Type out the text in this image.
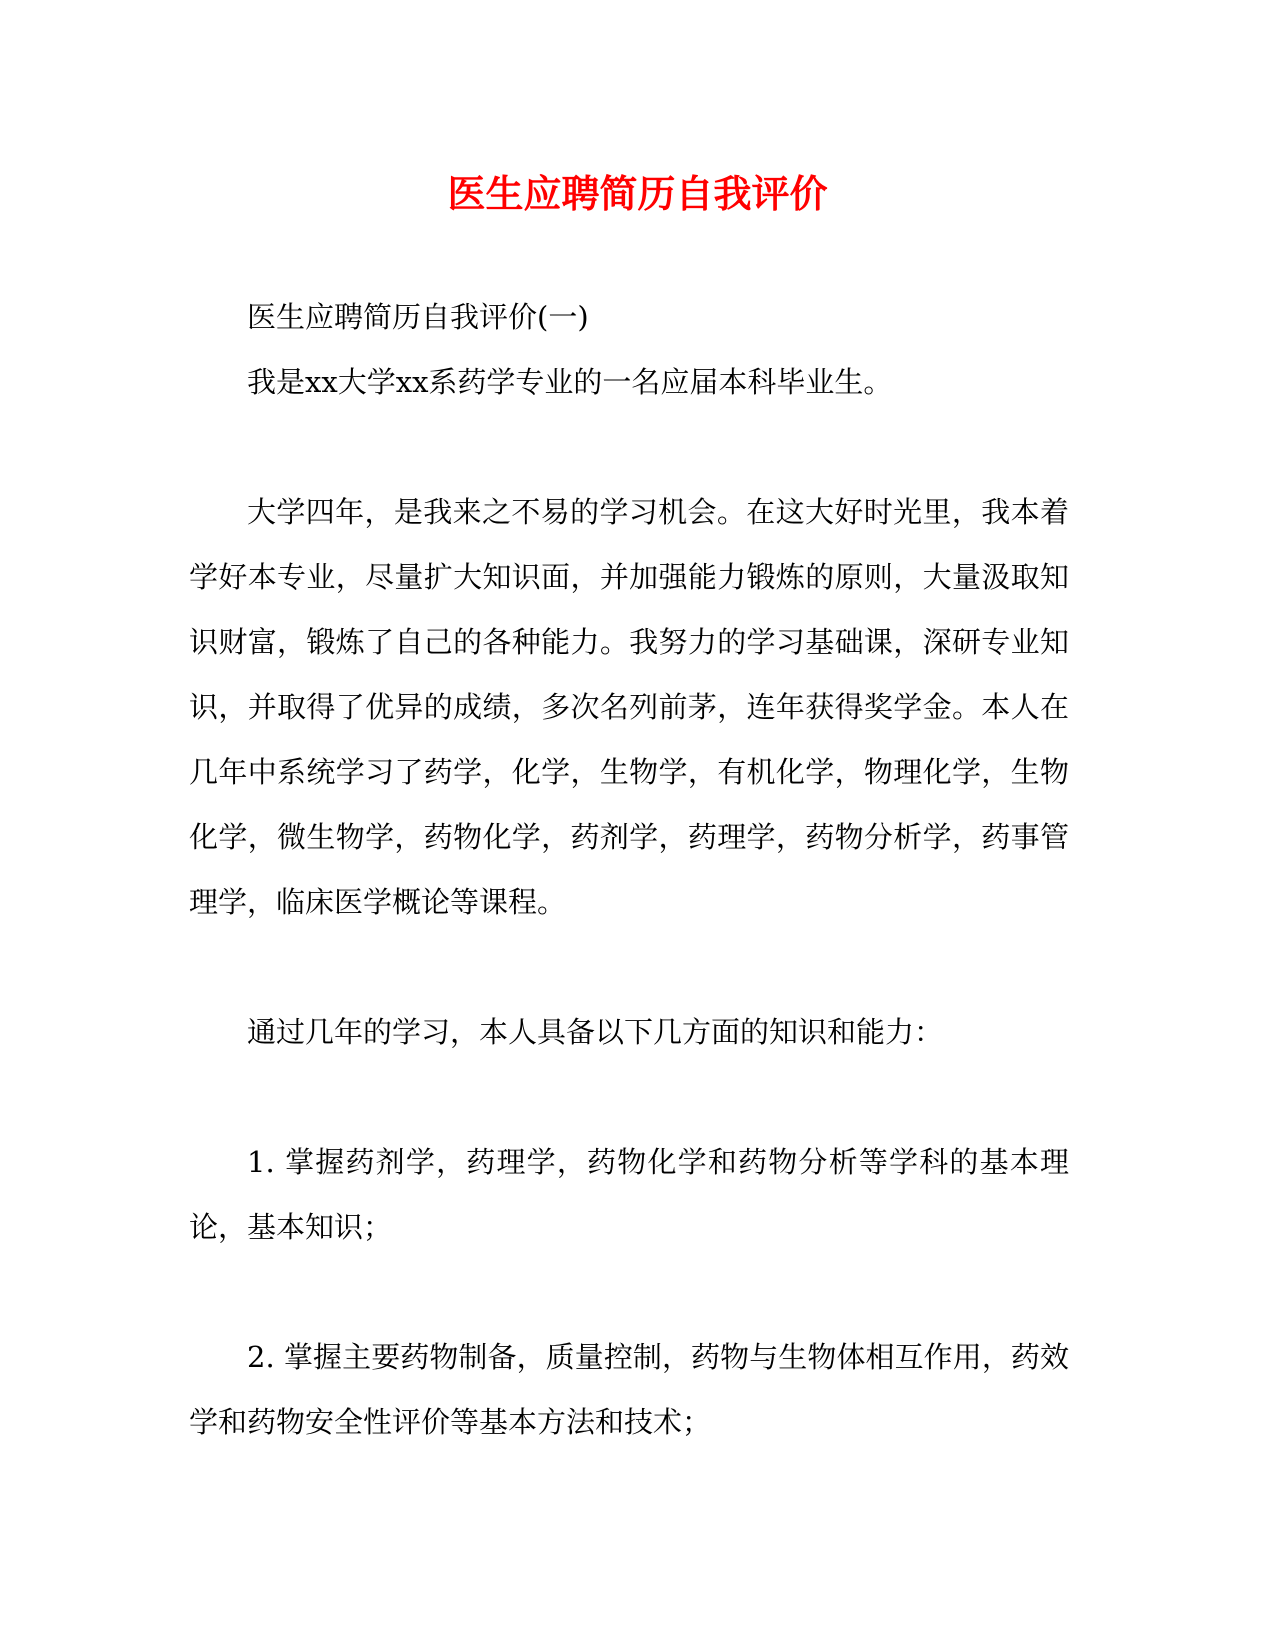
医生应聘简历自我评价

医生应聘简历自我评价(一)

我是xx大学xx系药学专业的一名应届本科毕业生。

大学四年，是我来之不易的学习机会。在这大好时光里，我本着学好本专业，尽量扩大知识面，并加强能力锻炼的原则，大量汲取知识财富，锻炼了自己的各种能力。我努力的学习基础课，深研专业知识，并取得了优异的成绩，多次名列前茅，连年获得奖学金。本人在几年中系统学习了药学，化学，生物学，有机化学，物理化学，生物化学，微生物学，药物化学，药剂学，药理学，药物分析学，药事管理学，临床医学概论等课程。

通过几年的学习，本人具备以下几方面的知识和能力：

1. 掌握药剂学，药理学，药物化学和药物分析等学科的基本理论，基本知识；

2. 掌握主要药物制备，质量控制，药物与生物体相互作用，药效学和药物安全性评价等基本方法和技术；
